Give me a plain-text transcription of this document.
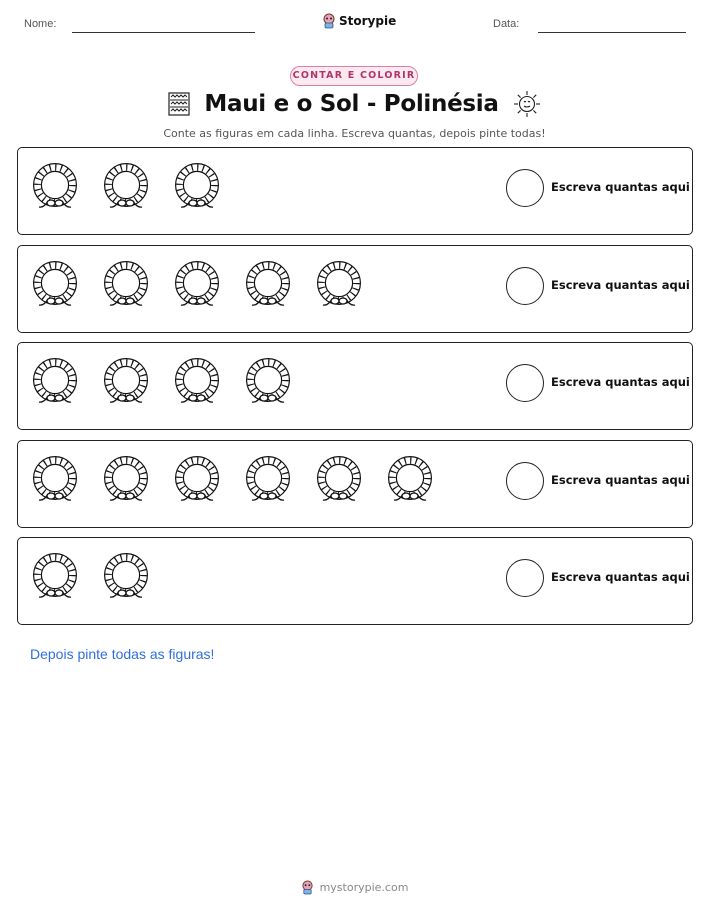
Nome:	Storypie	Data:
CONTAR E COLORIR
Maui e o Sol - Polinésia
Conte as figuras em cada linha. Escreva quantas, depois pinte todas!
Escreva quantas aqui
Escreva quantas aqui
Escreva quantas aqui
Escreva quantas aqui
Escreva quantas aqui
Depois pinte todas as figuras!
mystorypie.com
